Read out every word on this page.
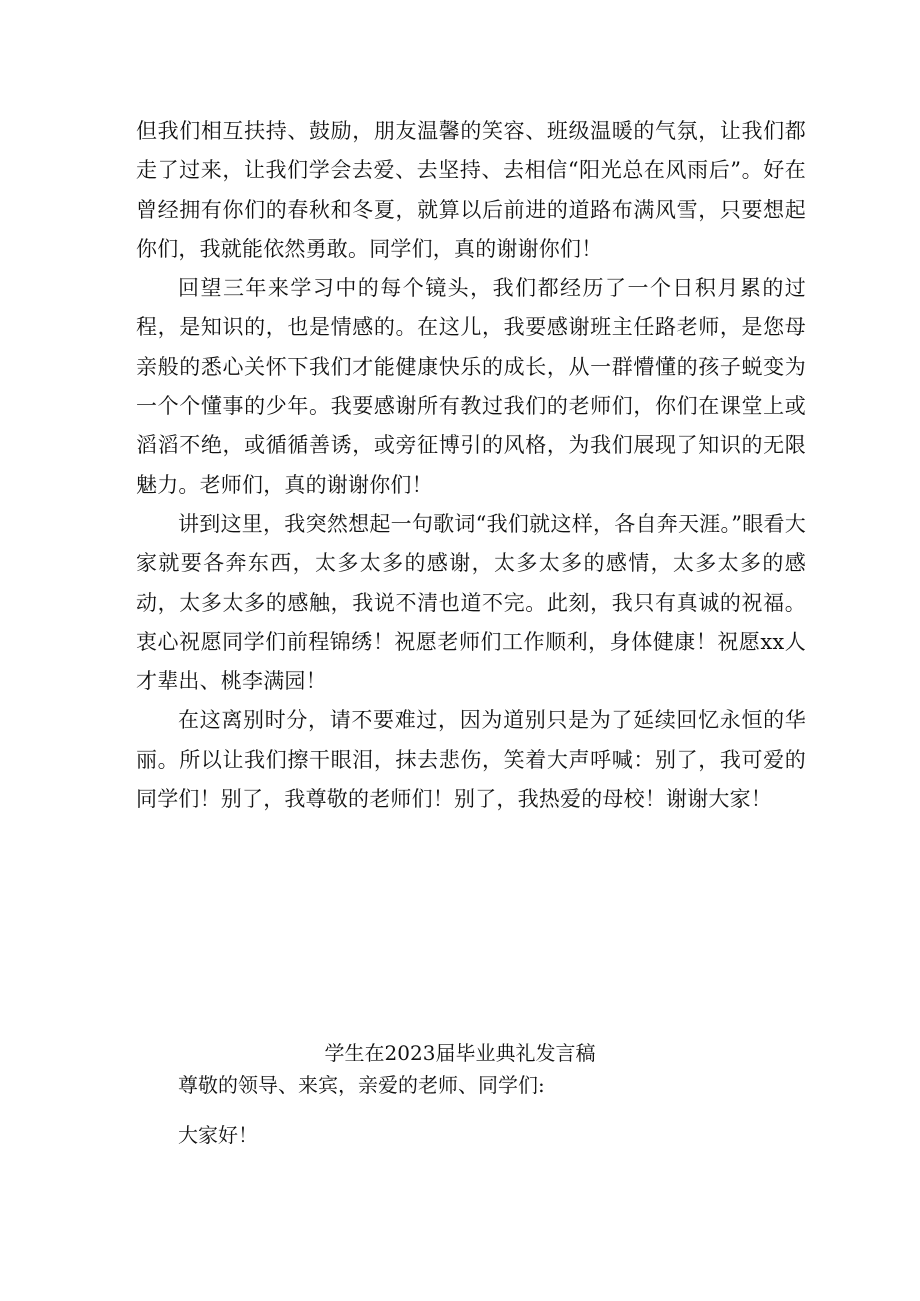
但我们相互扶持、鼓励，朋友温馨的笑容、班级温暖的气氛，让我们都走了过来，让我们学会去爱、去坚持、去相信“阳光总在风雨后”。好在曾经拥有你们的春秋和冬夏，就算以后前进的道路布满风雪，只要想起你们，我就能依然勇敢。同学们，真的谢谢你们！

回望三年来学习中的每个镜头，我们都经历了一个日积月累的过程，是知识的，也是情感的。在这儿，我要感谢班主任路老师，是您母亲般的悉心关怀下我们才能健康快乐的成长，从一群懵懂的孩子蜕变为一个个懂事的少年。我要感谢所有教过我们的老师们，你们在课堂上或滔滔不绝，或循循善诱，或旁征博引的风格，为我们展现了知识的无限魅力。老师们，真的谢谢你们！

讲到这里，我突然想起一句歌词“我们就这样，各自奔天涯。”眼看大家就要各奔东西，太多太多的感谢，太多太多的感情，太多太多的感动，太多太多的感触，我说不清也道不完。此刻，我只有真诚的祝福。衷心祝愿同学们前程锦绣！祝愿老师们工作顺利，身体健康！祝愿xx人才辈出、桃李满园！

在这离别时分，请不要难过，因为道别只是为了延续回忆永恒的华丽。所以让我们擦干眼泪，抹去悲伤，笑着大声呼喊：别了，我可爱的同学们！别了，我尊敬的老师们！别了，我热爱的母校！谢谢大家！

学生在2023届毕业典礼发言稿
尊敬的领导、来宾，亲爱的老师、同学们:
大家好！
